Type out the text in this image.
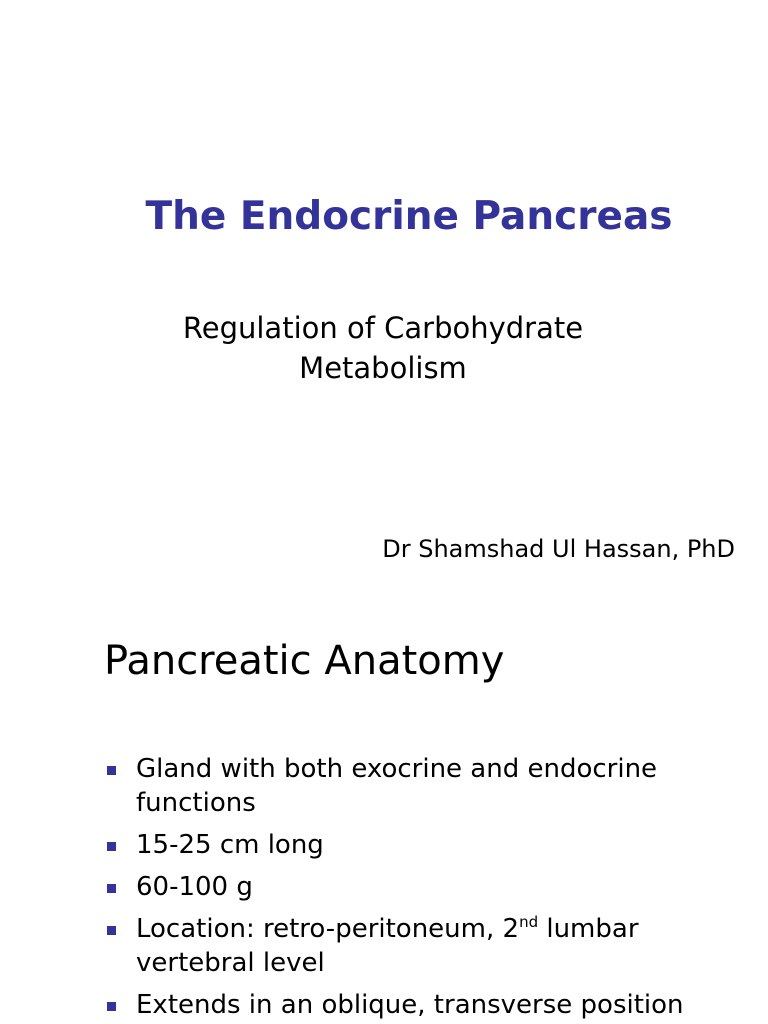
The Endocrine Pancreas
Regulation of Carbohydrate
Metabolism
Dr Shamshad Ul Hassan, PhD
Pancreatic Anatomy
Gland with both exocrine and endocrine functions
15-25 cm long
60-100 g
Location: retro-peritoneum, 2nd lumbar vertebral level
Extends in an oblique, transverse position
